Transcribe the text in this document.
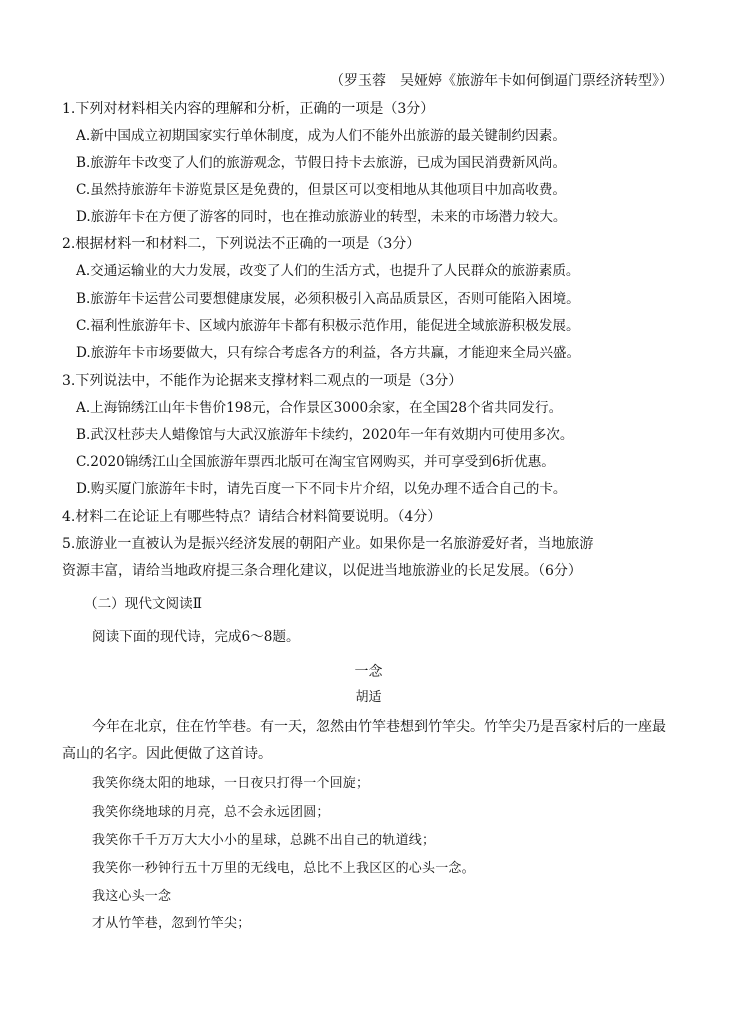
（罗玉蓉　吴娅婷《旅游年卡如何倒逼门票经济转型》）
1.下列对材料相关内容的理解和分析，正确的一项是（3分）
A.新中国成立初期国家实行单休制度，成为人们不能外出旅游的最关键制约因素。
B.旅游年卡改变了人们的旅游观念，节假日持卡去旅游，已成为国民消费新风尚。
C.虽然持旅游年卡游览景区是免费的，但景区可以变相地从其他项目中加高收费。
D.旅游年卡在方便了游客的同时，也在推动旅游业的转型，未来的市场潜力较大。
2.根据材料一和材料二，下列说法不正确的一项是（3分）
A.交通运输业的大力发展，改变了人们的生活方式，也提升了人民群众的旅游素质。
B.旅游年卡运营公司要想健康发展，必须积极引入高品质景区，否则可能陷入困境。
C.福利性旅游年卡、区域内旅游年卡都有积极示范作用，能促进全域旅游积极发展。
D.旅游年卡市场要做大，只有综合考虑各方的利益，各方共赢，才能迎来全局兴盛。
3.下列说法中，不能作为论据来支撑材料二观点的一项是（3分）
A.上海锦绣江山年卡售价198元，合作景区3000余家，在全国28个省共同发行。
B.武汉杜莎夫人蜡像馆与大武汉旅游年卡续约，2020年一年有效期内可使用多次。
C.2020锦绣江山全国旅游年票西北版可在淘宝官网购买，并可享受到6折优惠。
D.购买厦门旅游年卡时，请先百度一下不同卡片介绍，以免办理不适合自己的卡。
4.材料二在论证上有哪些特点？请结合材料简要说明。（4分）
5.旅游业一直被认为是振兴经济发展的朝阳产业。如果你是一名旅游爱好者，当地旅游
资源丰富，请给当地政府提三条合理化建议，以促进当地旅游业的长足发展。（6分）
（二）现代文阅读Ⅱ
阅读下面的现代诗，完成6～8题。
一念
胡适
今年在北京，住在竹竿巷。有一天，忽然由竹竿巷想到竹竿尖。竹竿尖乃是吾家村后的一座最
高山的名字。因此便做了这首诗。
我笑你绕太阳的地球，一日夜只打得一个回旋；
我笑你绕地球的月亮，总不会永远团圆；
我笑你千千万万大大小小的星球，总跳不出自己的轨道线；
我笑你一秒钟行五十万里的无线电，总比不上我区区的心头一念。
我这心头一念
才从竹竿巷，忽到竹竿尖；
